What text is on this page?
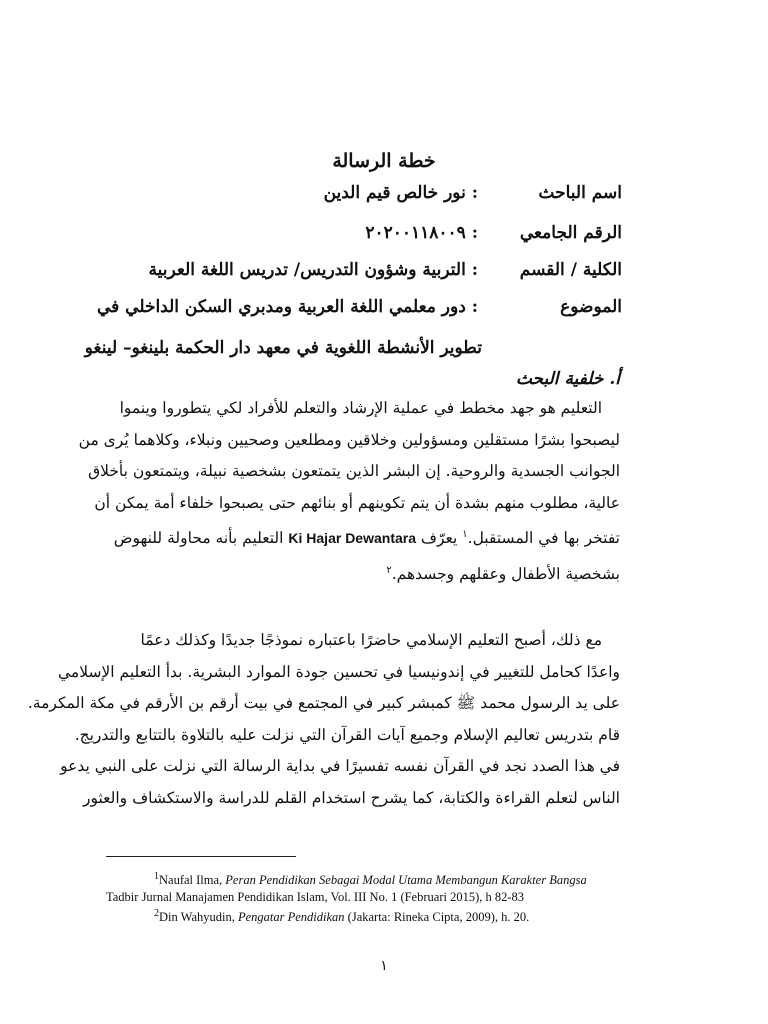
خطة الرسالة
اسم الباحث
: نور خالص قيم الدين
الرقم الجامعي
: ٢٠٢٠٠١١٨٠٠٩
الكلية / القسم
: التربية وشؤون التدريس/ تدريس اللغة العربية
الموضوع
: دور معلمي اللغة العربية ومدبري السكن الداخلي في
تطوير الأنشطة اللغوية في معهد دار الحكمة بلينغو– لينغو
أ. خلفية البحث
التعليم هو جهد مخطط في عملية الإرشاد والتعلم للأفراد لكي يتطوروا وينموا
ليصبحوا بشرًا مستقلين ومسؤولين وخلاقين ومطلعين وصحيين ونبلاء، وكلاهما يُرى من
الجوانب الجسدية والروحية. إن البشر الذين يتمتعون بشخصية نبيلة، ويتمتعون بأخلاق
عالية، مطلوب منهم بشدة أن يتم تكوينهم أو بنائهم حتى يصبحوا خلفاء أمة يمكن أن
تفتخر بها في المستقبل.$^١$ يعرّف Ki Hajar Dewantara التعليم بأنه محاولة للنهوض
بشخصية الأطفال وعقلهم وجسدهم.$^٢$
مع ذلك، أصبح التعليم الإسلامي حاضرًا باعتباره نموذجًا جديدًا وكذلك دعمًا
واعدًا كحامل للتغيير في إندونيسيا في تحسين جودة الموارد البشرية. بدأ التعليم الإسلامي
على يد الرسول محمد ﷺ كمبشر كبير في المجتمع في بيت أرقم بن الأرقم في مكة المكرمة.
قام بتدريس تعاليم الإسلام وجميع آيات القرآن التي نزلت عليه بالتلاوة بالتتابع والتدريج.
في هذا الصدد نجد في القرآن نفسه تفسيرًا في بداية الرسالة التي نزلت على النبي يدعو
الناس لتعلم القراءة والكتابة، كما يشرح استخدام القلم للدراسة والاستكشاف والعثور
$^1$Naufal Ilma, Peran Pendidikan Sebagai Modal Utama Membangun Karakter Bangsa
Tadbir Jurnal Manajamen Pendidikan Islam, Vol. III No. 1 (Februari 2015), h 82-83
$^2$Din Wahyudin, Pengatar Pendidikan (Jakarta: Rineka Cipta, 2009), h. 20.
١
